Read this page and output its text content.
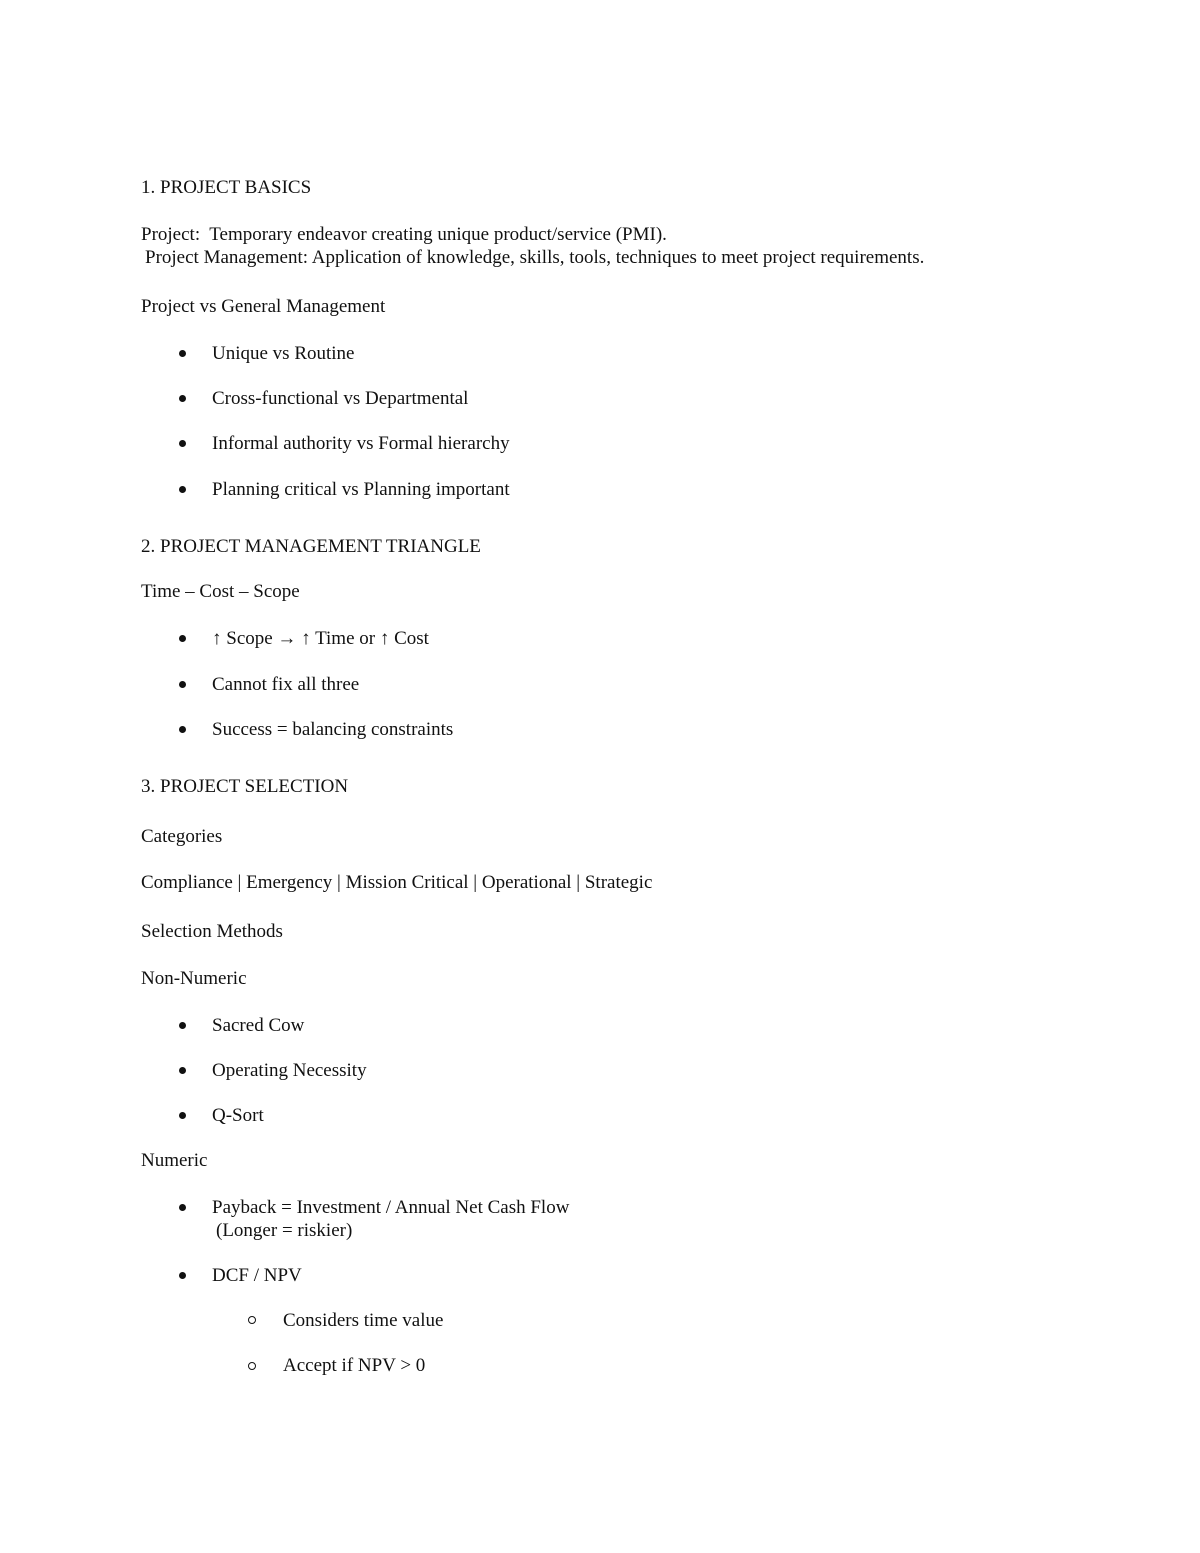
1. PROJECT BASICS
Project:  Temporary endeavor creating unique product/service (PMI).
Project Management: Application of knowledge, skills, tools, techniques to meet project requirements.
Project vs General Management
Unique vs Routine
Cross-functional vs Departmental
Informal authority vs Formal hierarchy
Planning critical vs Planning important
2. PROJECT MANAGEMENT TRIANGLE
Time – Cost – Scope
↑ Scope → ↑ Time or ↑ Cost
Cannot fix all three
Success = balancing constraints
3. PROJECT SELECTION
Categories
Compliance | Emergency | Mission Critical | Operational | Strategic
Selection Methods
Non-Numeric
Sacred Cow
Operating Necessity
Q-Sort
Numeric
Payback = Investment / Annual Net Cash Flow
(Longer = riskier)
DCF / NPV
Considers time value
Accept if NPV > 0
